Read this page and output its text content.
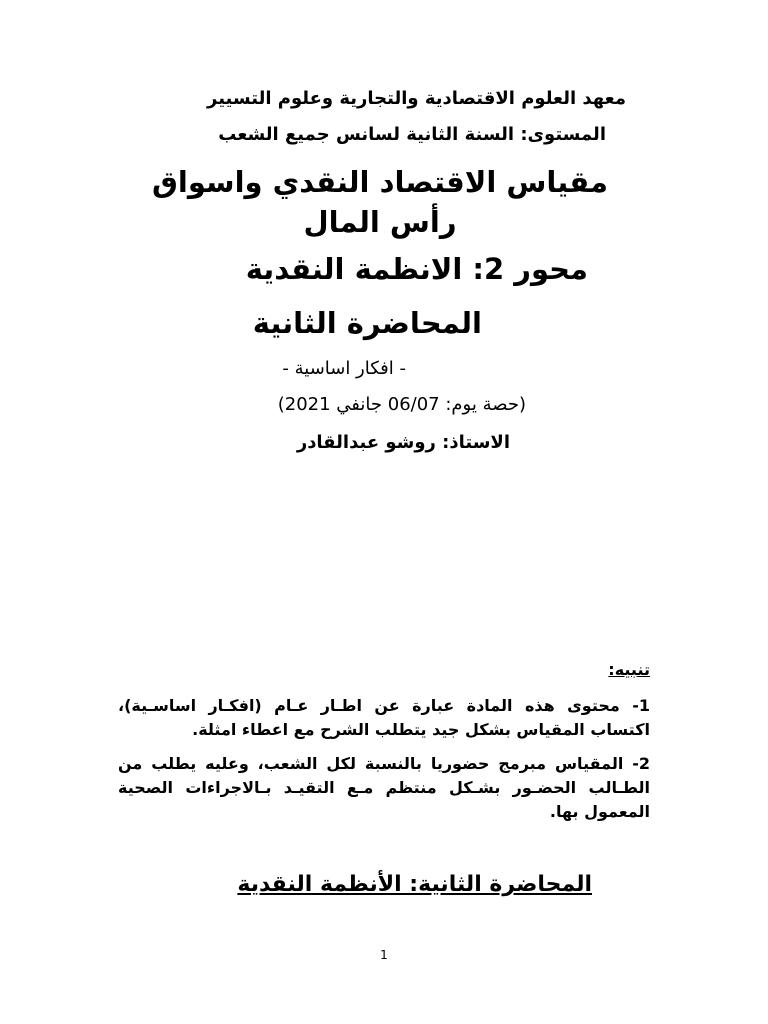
معهد العلوم الاقتصادية والتجارية وعلوم التسيير
المستوى: السنة الثانية لسانس جميع الشعب
مقياس الاقتصاد النقدي واسواق رأس المال
محور 2: الانظمة النقدية
المحاضرة الثانية
- افكار اساسية -
(حصة يوم: 06/07 جانفي 2021)
الاستاذ: روشو عبدالقادر
تنبيه:
1- محتوى هذه المادة عبارة عن اطـار عـام (افكـار اساسـية)، اكتساب المقياس بشكل جيد يتطلب الشرح مع اعطاء امثلة.
2- المقياس مبرمج حضوريا بالنسبة لكل الشعب، وعليه يطلب من الطـالب الحضـور بشـكل منتظم مـع التقيـد بـالاجراءات الصحية المعمول بها.
المحاضرة الثانية: الأنظمة النقدية
1
